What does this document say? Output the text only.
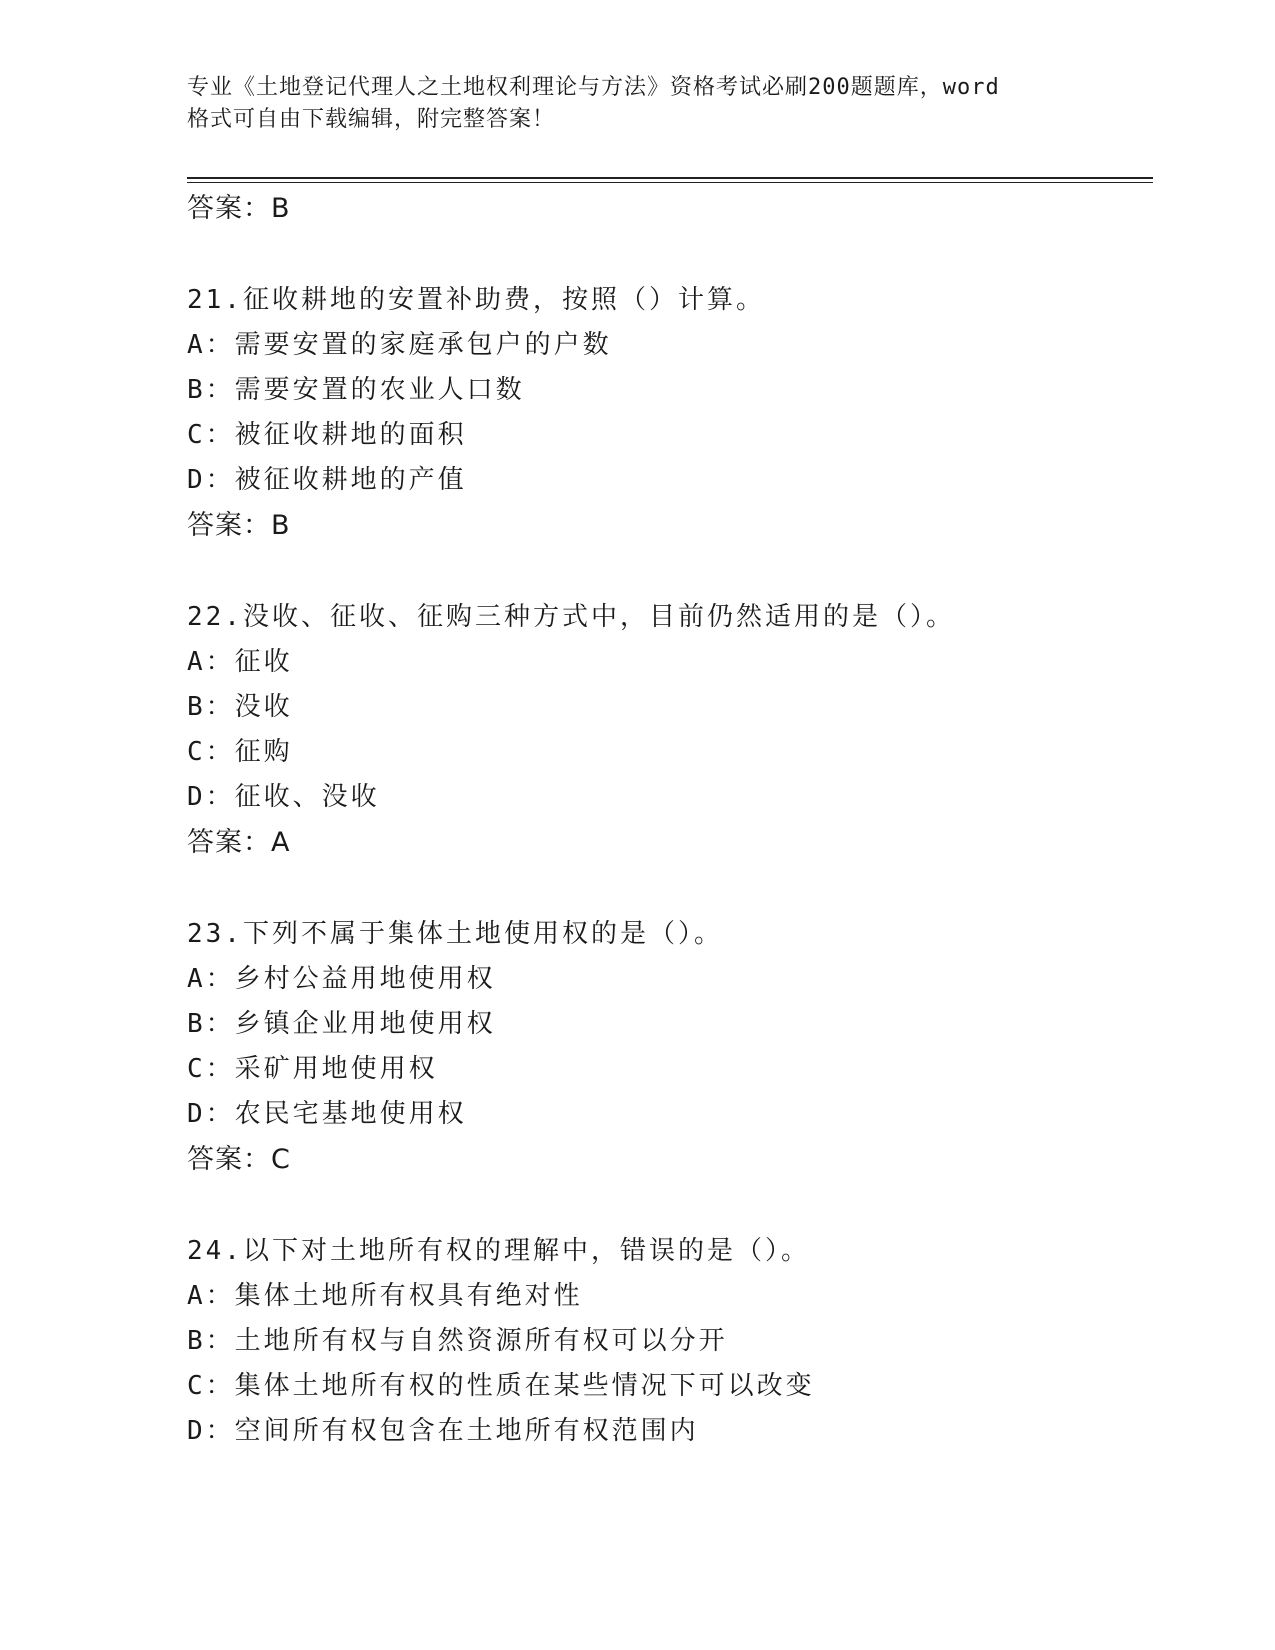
专业《土地登记代理人之土地权利理论与方法》资格考试必刷200题题库，word
格式可自由下载编辑，附完整答案！
答案：B
21.征收耕地的安置补助费，按照（）计算。
A：需要安置的家庭承包户的户数
B：需要安置的农业人口数
C：被征收耕地的面积
D：被征收耕地的产值
答案：B
22.没收、征收、征购三种方式中，目前仍然适用的是（）。
A：征收
B：没收
C：征购
D：征收、没收
答案：A
23.下列不属于集体土地使用权的是（）。
A：乡村公益用地使用权
B：乡镇企业用地使用权
C：采矿用地使用权
D：农民宅基地使用权
答案：C
24.以下对土地所有权的理解中，错误的是（）。
A：集体土地所有权具有绝对性
B：土地所有权与自然资源所有权可以分开
C：集体土地所有权的性质在某些情况下可以改变
D：空间所有权包含在土地所有权范围内
